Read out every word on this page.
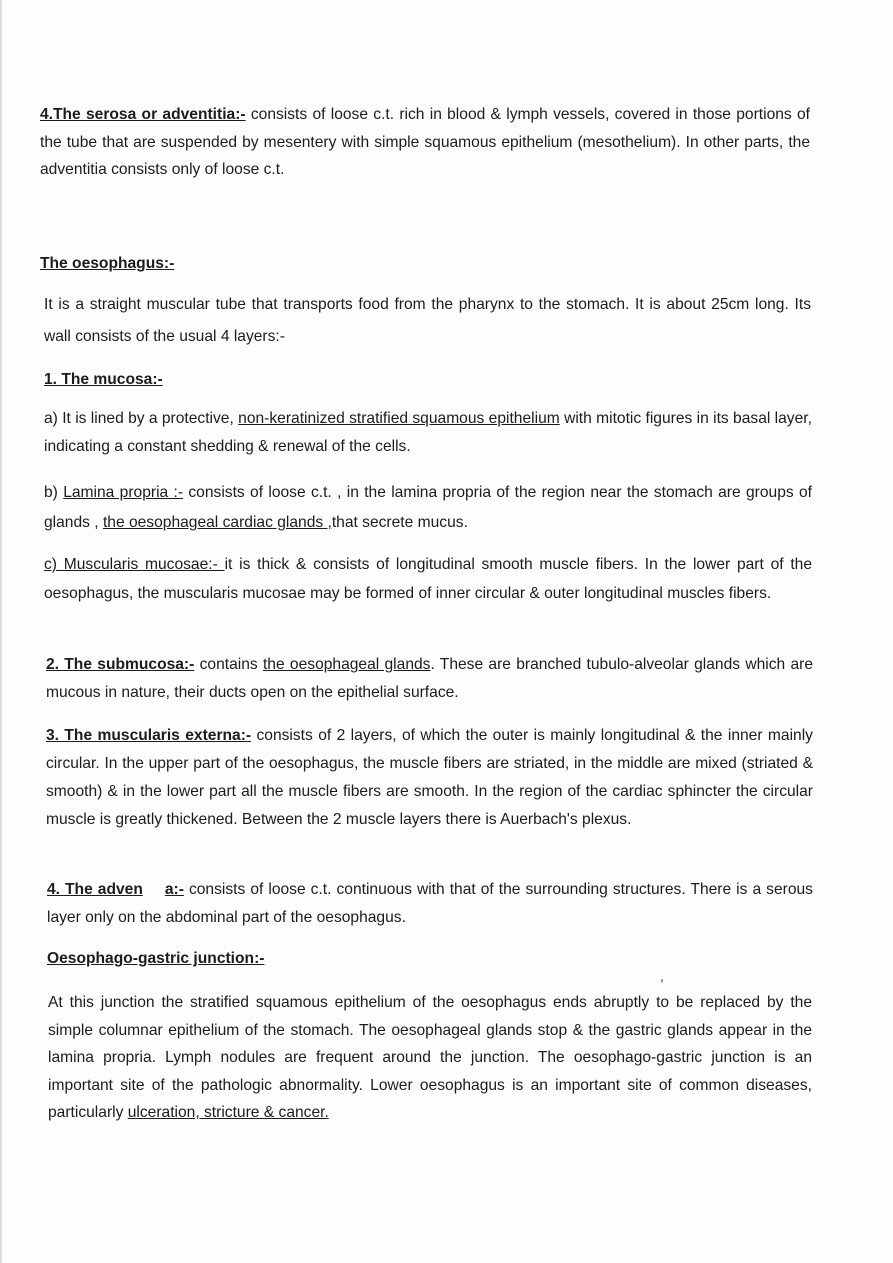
4.The serosa or adventitia:- consists of loose c.t. rich in blood & lymph vessels, covered in those portions of the tube that are suspended by mesentery with simple squamous epithelium (mesothelium). In other parts, the adventitia consists only of loose c.t.

The oesophagus:-

It is a straight muscular tube that transports food from the pharynx to the stomach. It is about 25cm long. Its wall consists of the usual 4 layers:-

1. The mucosa:-

a) It is lined by a protective, non-keratinized stratified squamous epithelium with mitotic figures in its basal layer, indicating a constant shedding & renewal of the cells.

b) Lamina propria :- consists of loose c.t. , in the lamina propria of the region near the stomach are groups of glands , the oesophageal cardiac glands ,that secrete mucus.

c) Muscularis mucosae:- it is thick & consists of longitudinal smooth muscle fibers. In the lower part of the oesophagus, the muscularis mucosae may be formed of inner circular & outer longitudinal muscles fibers.

2. The submucosa:- contains the oesophageal glands. These are branched tubulo-alveolar glands which are mucous in nature, their ducts open on the epithelial surface.

3. The muscularis externa:- consists of 2 layers, of which the outer is mainly longitudinal & the inner mainly circular. In the upper part of the oesophagus, the muscle fibers are striated, in the middle are mixed (striated & smooth) & in the lower part all the muscle fibers are smooth. In the region of the cardiac sphincter the circular muscle is greatly thickened. Between the 2 muscle layers there is Auerbach's plexus.

4. The adven a:- consists of loose c.t. continuous with that of the surrounding structures. There is a serous layer only on the abdominal part of the oesophagus.

Oesophago-gastric junction:-

,

At this junction the stratified squamous epithelium of the oesophagus ends abruptly to be replaced by the simple columnar epithelium of the stomach. The oesophageal glands stop & the gastric glands appear in the lamina propria. Lymph nodules are frequent around the junction. The oesophago-gastric junction is an important site of the pathologic abnormality. Lower oesophagus is an important site of common diseases, particularly ulceration, stricture & cancer.
